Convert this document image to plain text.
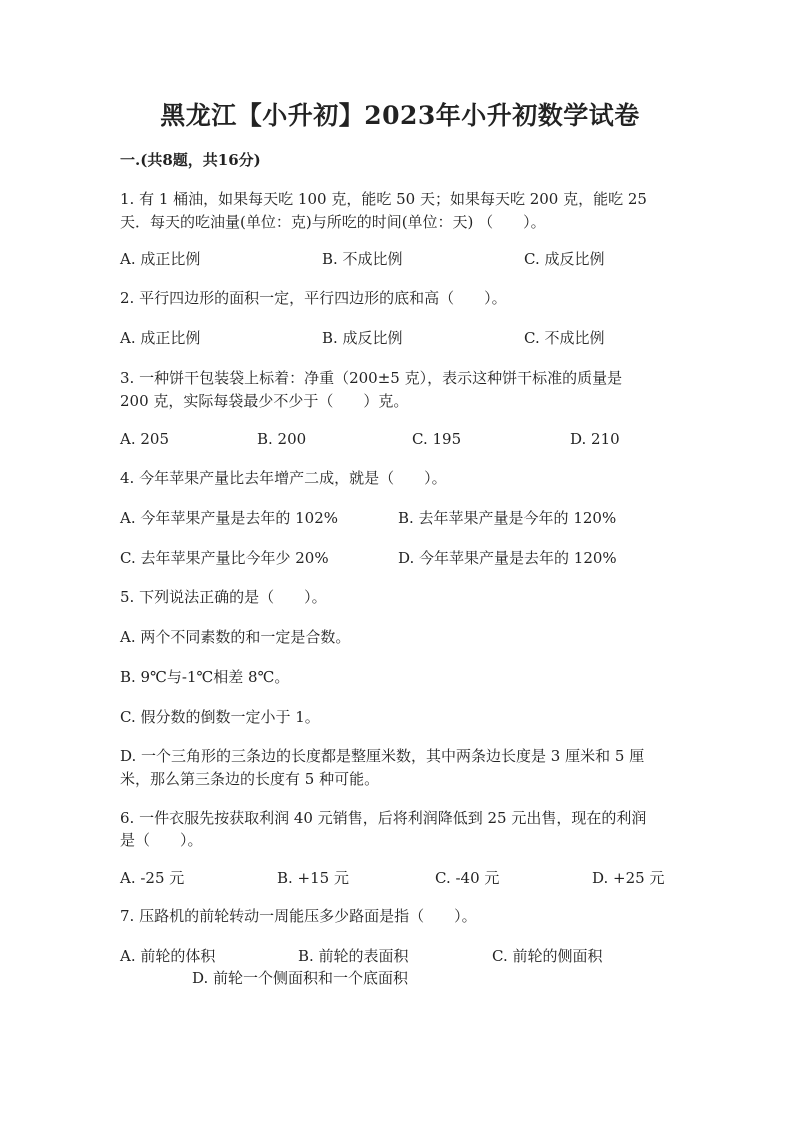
黑龙江【小升初】2023年小升初数学试卷
一.(共8题，共16分)
1. 有 1 桶油，如果每天吃 100 克，能吃 50 天；如果每天吃 200 克，能吃 25
天．每天的吃油量(单位：克)与所吃的时间(单位：天) （　　）。
A. 成正比例	B. 不成比例	C. 成反比例
2. 平行四边形的面积一定，平行四边形的底和高（　　）。
A. 成正比例	B. 成反比例	C. 不成比例
3. 一种饼干包装袋上标着：净重（200±5 克），表示这种饼干标准的质量是
200 克，实际每袋最少不少于（　　）克。
A. 205	B. 200	C. 195	D. 210
4. 今年苹果产量比去年增产二成，就是（　　）。
A. 今年苹果产量是去年的 102%	B. 去年苹果产量是今年的 120%
C. 去年苹果产量比今年少 20%	D. 今年苹果产量是去年的 120%
5. 下列说法正确的是（　　）。
A. 两个不同素数的和一定是合数。
B. 9℃与-1℃相差 8℃。
C. 假分数的倒数一定小于 1。
D. 一个三角形的三条边的长度都是整厘米数，其中两条边长度是 3 厘米和 5 厘
米，那么第三条边的长度有 5 种可能。
6. 一件衣服先按获取利润 40 元销售，后将利润降低到 25 元出售，现在的利润
是（　　）。
A. -25 元	B. +15 元	C. -40 元	D. +25 元
7. 压路机的前轮转动一周能压多少路面是指（　　）。
A. 前轮的体积	B. 前轮的表面积	C. 前轮的侧面积
D. 前轮一个侧面积和一个底面积
